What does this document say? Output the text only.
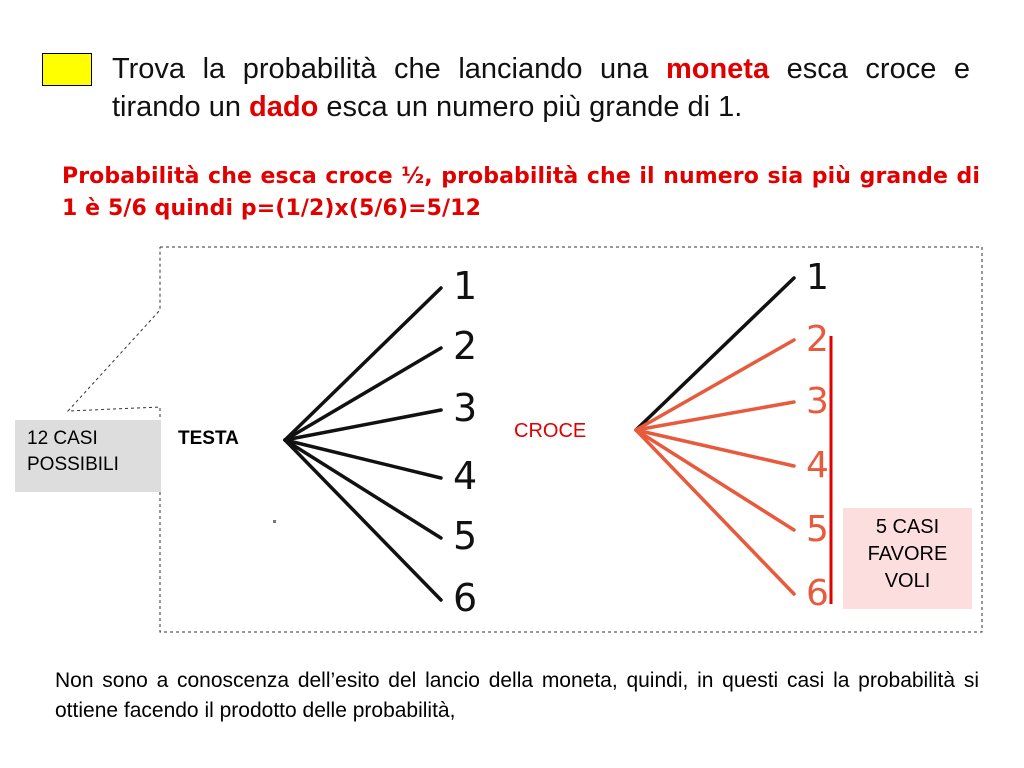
Trova la probabilità che lanciando una moneta esca croce e tirando un dado esca un numero più grande di 1.
Probabilità che esca croce ½, probabilità che il numero sia più grande di 1 è 5/6 quindi p=(1/2)x(5/6)=5/12
1
2
3
4
5
6
1
2
3
4
5
6
TESTA	CROCE
12 CASI
POSSIBILI
5 CASI
FAVORE
VOLI
Non sono a conoscenza dell’esito del lancio della moneta, quindi, in questi casi la probabilità si ottiene facendo il prodotto delle probabilità,
